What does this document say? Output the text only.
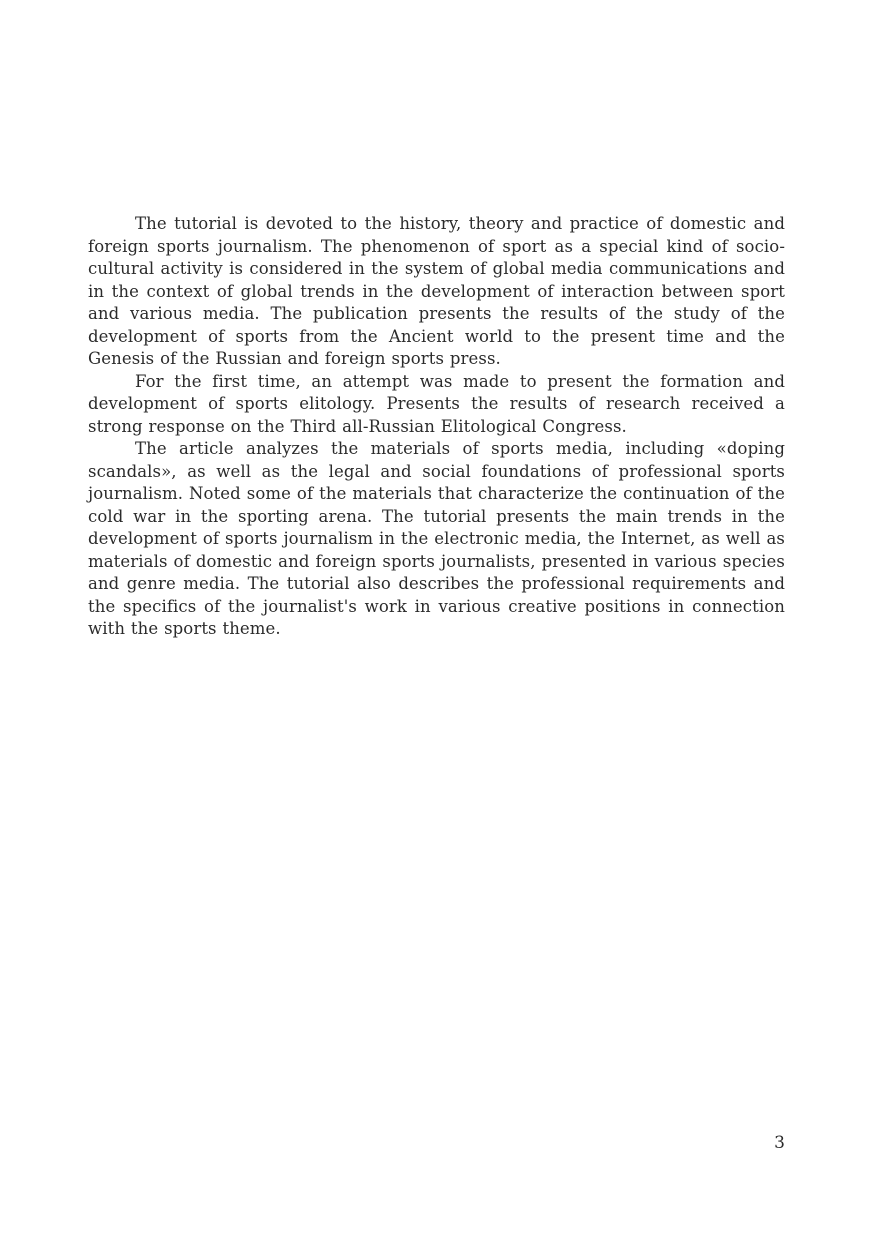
The tutorial is devoted to the history, theory and practice of domestic and foreign sports journalism. The phenomenon of sport as a special kind of socio-cultural activity is considered in the system of global media communications and in the context of global trends in the development of interaction between sport and various media. The publication presents the results of the study of the development of sports from the Ancient world to the present time and the Genesis of the Russian and foreign sports press.

For the first time, an attempt was made to present the formation and development of sports elitology. Presents the results of research received a strong response on the Third all-Russian Elitological Congress.

The article analyzes the materials of sports media, including «doping scandals», as well as the legal and social foundations of professional sports journalism. Noted some of the materials that characterize the continuation of the cold war in the sporting arena. The tutorial presents the main trends in the development of sports journalism in the electronic media, the Internet, as well as materials of domestic and foreign sports journalists, presented in various species and genre media. The tutorial also describes the professional requirements and the specifics of the journalist's work in various creative positions in connection with the sports theme.

3
